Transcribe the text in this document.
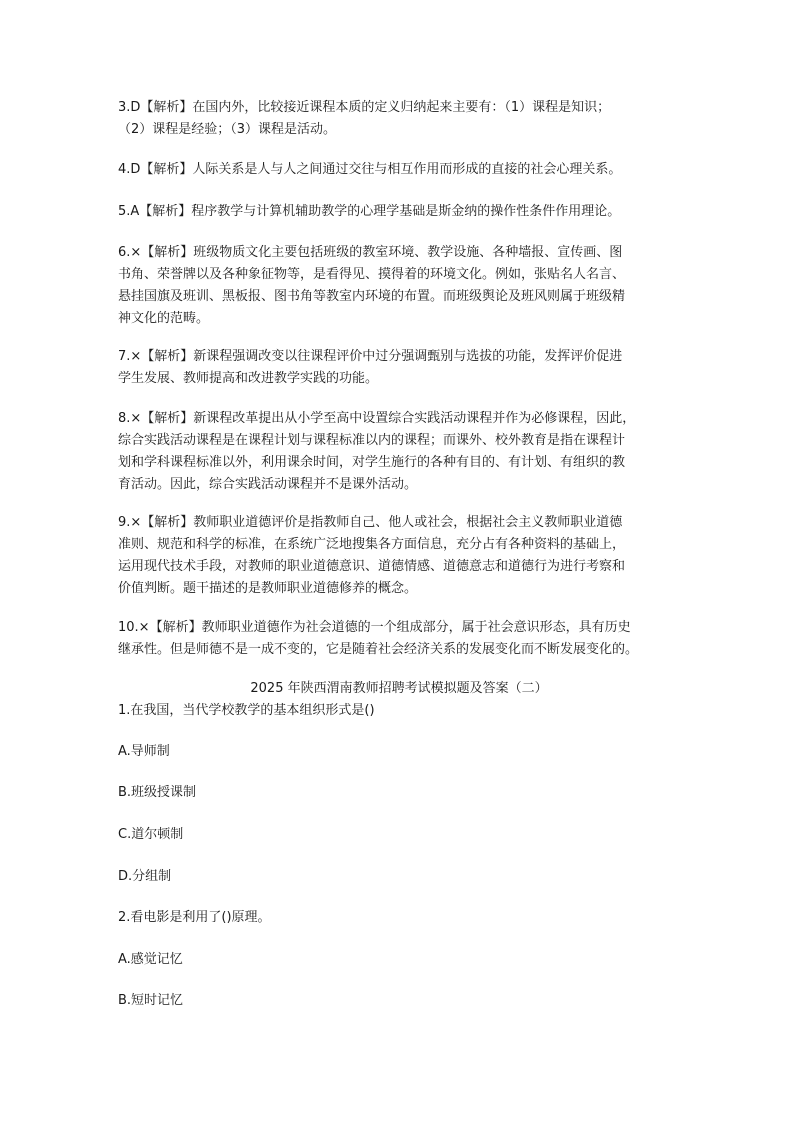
3.D【解析】在国内外，比较接近课程本质的定义归纳起来主要有：（1）课程是知识；
（2）课程是经验；（3）课程是活动。
4.D【解析】人际关系是人与人之间通过交往与相互作用而形成的直接的社会心理关系。
5.A【解析】程序教学与计算机辅助教学的心理学基础是斯金纳的操作性条件作用理论。
6.×【解析】班级物质文化主要包括班级的教室环境、教学设施、各种墙报、宣传画、图
书角、荣誉牌以及各种象征物等，是看得见、摸得着的环境文化。例如，张贴名人名言、
悬挂国旗及班训、黑板报、图书角等教室内环境的布置。而班级舆论及班风则属于班级精
神文化的范畴。
7.×【解析】新课程强调改变以往课程评价中过分强调甄别与选拔的功能，发挥评价促进
学生发展、教师提高和改进教学实践的功能。
8.×【解析】新课程改革提出从小学至高中设置综合实践活动课程并作为必修课程，因此，
综合实践活动课程是在课程计划与课程标准以内的课程；而课外、校外教育是指在课程计
划和学科课程标准以外，利用课余时间，对学生施行的各种有目的、有计划、有组织的教
育活动。因此，综合实践活动课程并不是课外活动。
9.×【解析】教师职业道德评价是指教师自己、他人或社会，根据社会主义教师职业道德
准则、规范和科学的标准，在系统广泛地搜集各方面信息，充分占有各种资料的基础上，
运用现代技术手段，对教师的职业道德意识、道德情感、道德意志和道德行为进行考察和
价值判断。题干描述的是教师职业道德修养的概念。
10.×【解析】教师职业道德作为社会道德的一个组成部分，属于社会意识形态，具有历史
继承性。但是师德不是一成不变的，它是随着社会经济关系的发展变化而不断发展变化的。
2025 年陕西渭南教师招聘考试模拟题及答案（二）
1.在我国，当代学校教学的基本组织形式是()
A.导师制
B.班级授课制
C.道尔顿制
D.分组制
2.看电影是利用了()原理。
A.感觉记忆
B.短时记忆
